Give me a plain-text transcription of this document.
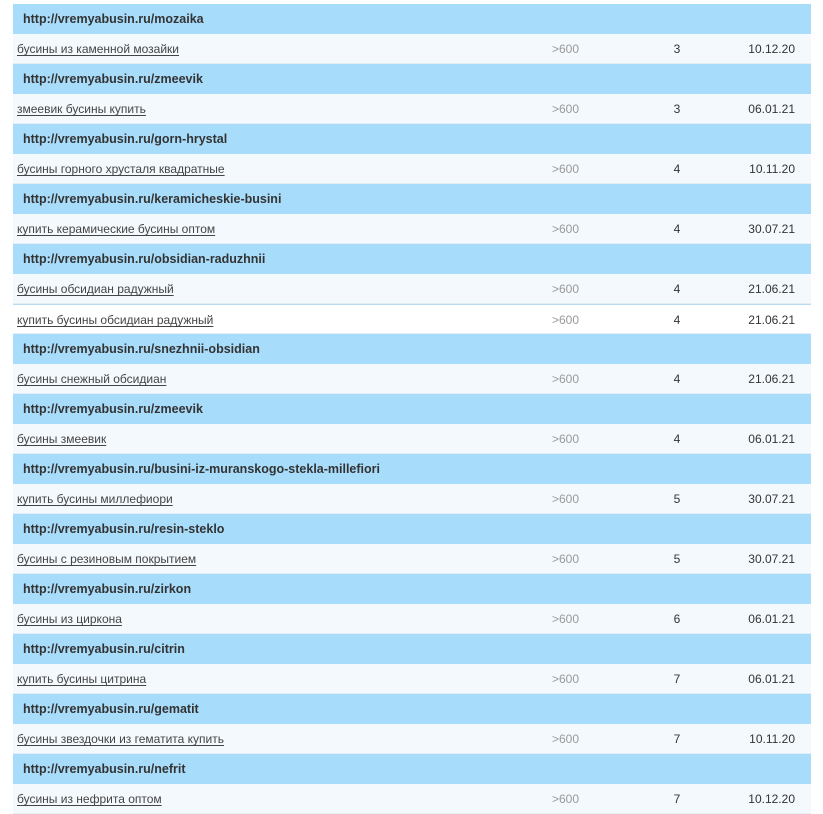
http://vremyabusin.ru/mozaika
бусины из каменной мозайки	>600	3	10.12.20
http://vremyabusin.ru/zmeevik
змеевик бусины купить	>600	3	06.01.21
http://vremyabusin.ru/gorn-hrystal
бусины горного хрусталя квадратные	>600	4	10.11.20
http://vremyabusin.ru/keramicheskie-busini
купить керамические бусины оптом	>600	4	30.07.21
http://vremyabusin.ru/obsidian-raduzhnii
бусины обсидиан радужный	>600	4	21.06.21
купить бусины обсидиан радужный	>600	4	21.06.21
http://vremyabusin.ru/snezhnii-obsidian
бусины снежный обсидиан	>600	4	21.06.21
http://vremyabusin.ru/zmeevik
бусины змеевик	>600	4	06.01.21
http://vremyabusin.ru/busini-iz-muranskogo-stekla-millefiori
купить бусины миллефиори	>600	5	30.07.21
http://vremyabusin.ru/resin-steklo
бусины с резиновым покрытием	>600	5	30.07.21
http://vremyabusin.ru/zirkon
бусины из циркона	>600	6	06.01.21
http://vremyabusin.ru/citrin
купить бусины цитрина	>600	7	06.01.21
http://vremyabusin.ru/gematit
бусины звездочки из гематита купить	>600	7	10.11.20
http://vremyabusin.ru/nefrit
бусины из нефрита оптом	>600	7	10.12.20
